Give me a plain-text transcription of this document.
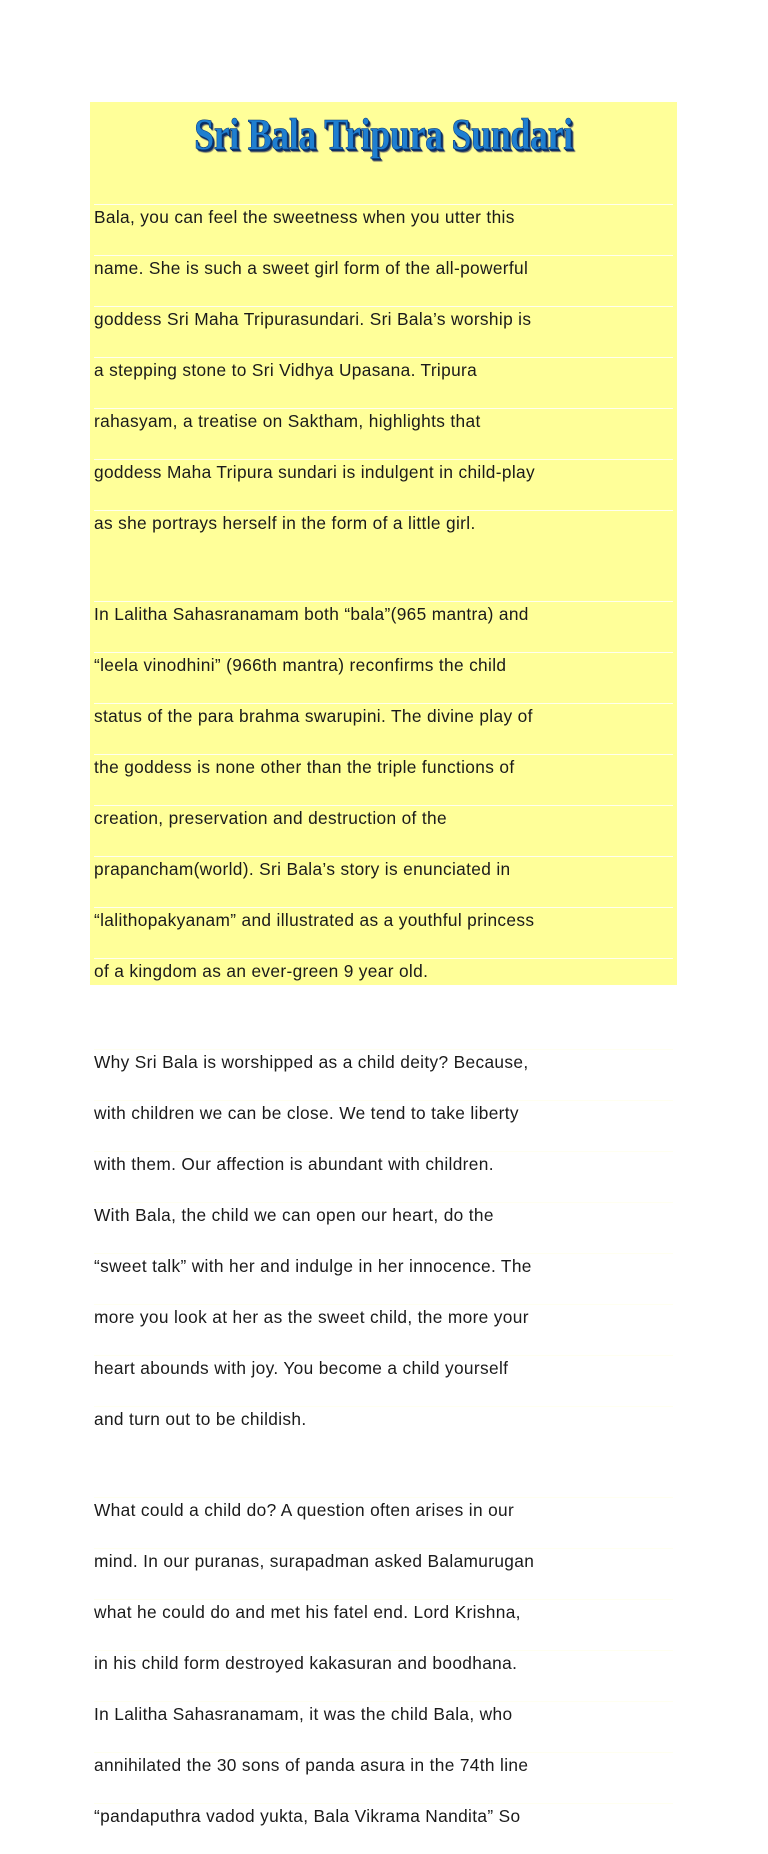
Sri Bala Tripura Sundari

Bala, you can feel the sweetness when you utter this

name. She is such a sweet girl form of the all-powerful

goddess Sri Maha Tripurasundari. Sri Bala’s worship is

a stepping stone to Sri Vidhya Upasana. Tripura

rahasyam, a treatise on Saktham, highlights that

goddess Maha Tripura sundari is indulgent in child-play

as she portrays herself in the form of a little girl.

In Lalitha Sahasranamam both “bala”(965 mantra) and

“leela vinodhini” (966th mantra) reconfirms the child

status of the para brahma swarupini. The divine play of

the goddess is none other than the triple functions of

creation, preservation and destruction of the

prapancham(world). Sri Bala’s story is enunciated in

“lalithopakyanam” and illustrated as a youthful princess

of a kingdom as an ever-green 9 year old.

Why Sri Bala is worshipped as a child deity? Because,

with children we can be close. We tend to take liberty

with them. Our affection is abundant with children.

With Bala, the child we can open our heart, do the

“sweet talk” with her and indulge in her innocence. The

more you look at her as the sweet child, the more your

heart abounds with joy. You become a child yourself

and turn out to be childish.

What could a child do? A question often arises in our

mind. In our puranas, surapadman asked Balamurugan

what he could do and met his fatel end. Lord Krishna,

in his child form destroyed kakasuran and boodhana.

In Lalitha Sahasranamam, it was the child Bala, who

annihilated the 30 sons of panda asura in the 74th line

“pandaputhra vadod yukta, Bala Vikrama Nandita” So
